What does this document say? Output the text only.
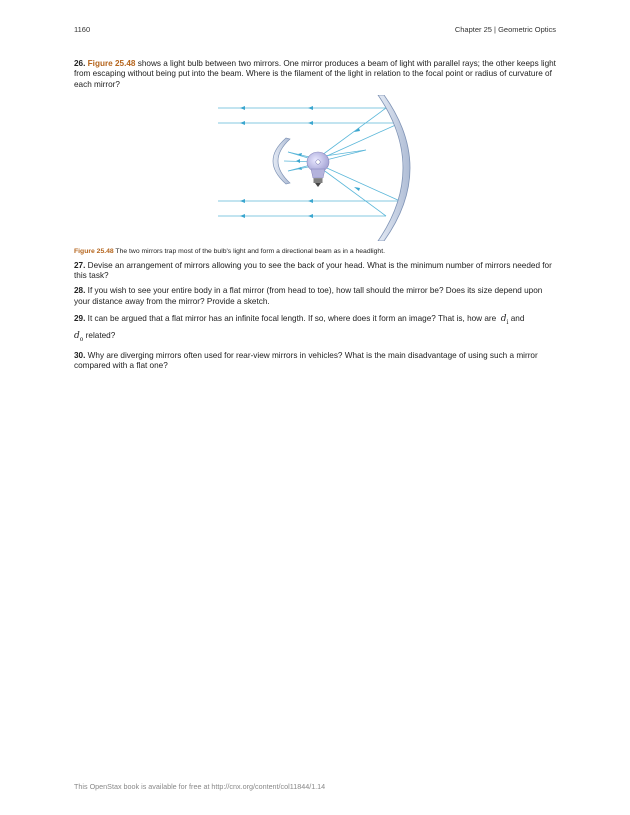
1160	Chapter 25 | Geometric Optics

26. Figure 25.48 shows a light bulb between two mirrors. One mirror produces a beam of light with parallel rays; the other keeps light from escaping without being put into the beam. Where is the filament of the light in relation to the focal point or radius of curvature of each mirror?

Figure 25.48 The two mirrors trap most of the bulb's light and form a directional beam as in a headlight.

27. Devise an arrangement of mirrors allowing you to see the back of your head. What is the minimum number of mirrors needed for this task?

28. If you wish to see your entire body in a flat mirror (from head to toe), how tall should the mirror be? Does its size depend upon your distance away from the mirror? Provide a sketch.

29. It can be argued that a flat mirror has an infinite focal length. If so, where does it form an image? That is, how are  $d_i$ and
$d_o$ related?

30. Why are diverging mirrors often used for rear-view mirrors in vehicles? What is the main disadvantage of using such a mirror compared with a flat one?

This OpenStax book is available for free at http://cnx.org/content/col11844/1.14
